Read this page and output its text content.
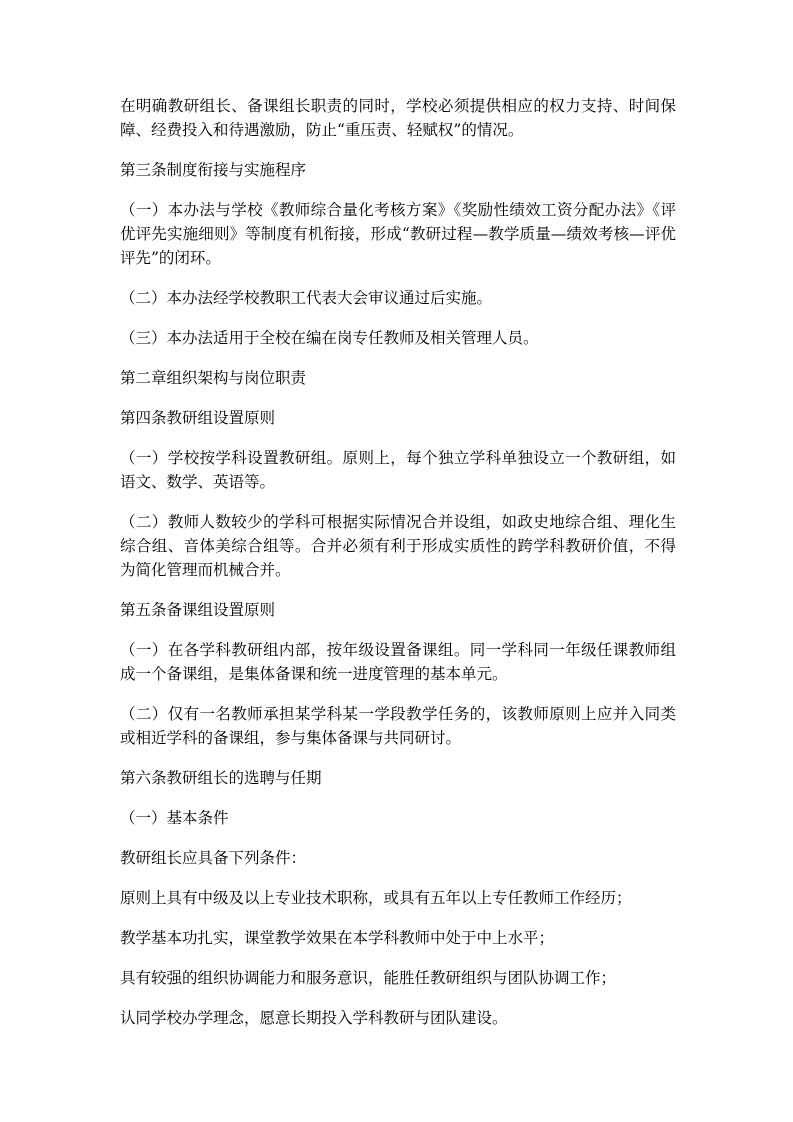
在明确教研组长、备课组长职责的同时，学校必须提供相应的权力支持、时间保障、经费投入和待遇激励，防止“重压责、轻赋权”的情况。

第三条制度衔接与实施程序

（一）本办法与学校《教师综合量化考核方案》《奖励性绩效工资分配办法》《评优评先实施细则》等制度有机衔接，形成“教研过程—教学质量—绩效考核—评优评先”的闭环。

（二）本办法经学校教职工代表大会审议通过后实施。

（三）本办法适用于全校在编在岗专任教师及相关管理人员。

第二章组织架构与岗位职责

第四条教研组设置原则

（一）学校按学科设置教研组。原则上，每个独立学科单独设立一个教研组，如语文、数学、英语等。

（二）教师人数较少的学科可根据实际情况合并设组，如政史地综合组、理化生综合组、音体美综合组等。合并必须有利于形成实质性的跨学科教研价值，不得为简化管理而机械合并。

第五条备课组设置原则

（一）在各学科教研组内部，按年级设置备课组。同一学科同一年级任课教师组成一个备课组，是集体备课和统一进度管理的基本单元。

（二）仅有一名教师承担某学科某一学段教学任务的，该教师原则上应并入同类或相近学科的备课组，参与集体备课与共同研讨。

第六条教研组长的选聘与任期

（一）基本条件

教研组长应具备下列条件：

原则上具有中级及以上专业技术职称，或具有五年以上专任教师工作经历；

教学基本功扎实，课堂教学效果在本学科教师中处于中上水平；

具有较强的组织协调能力和服务意识，能胜任教研组织与团队协调工作；

认同学校办学理念，愿意长期投入学科教研与团队建设。
